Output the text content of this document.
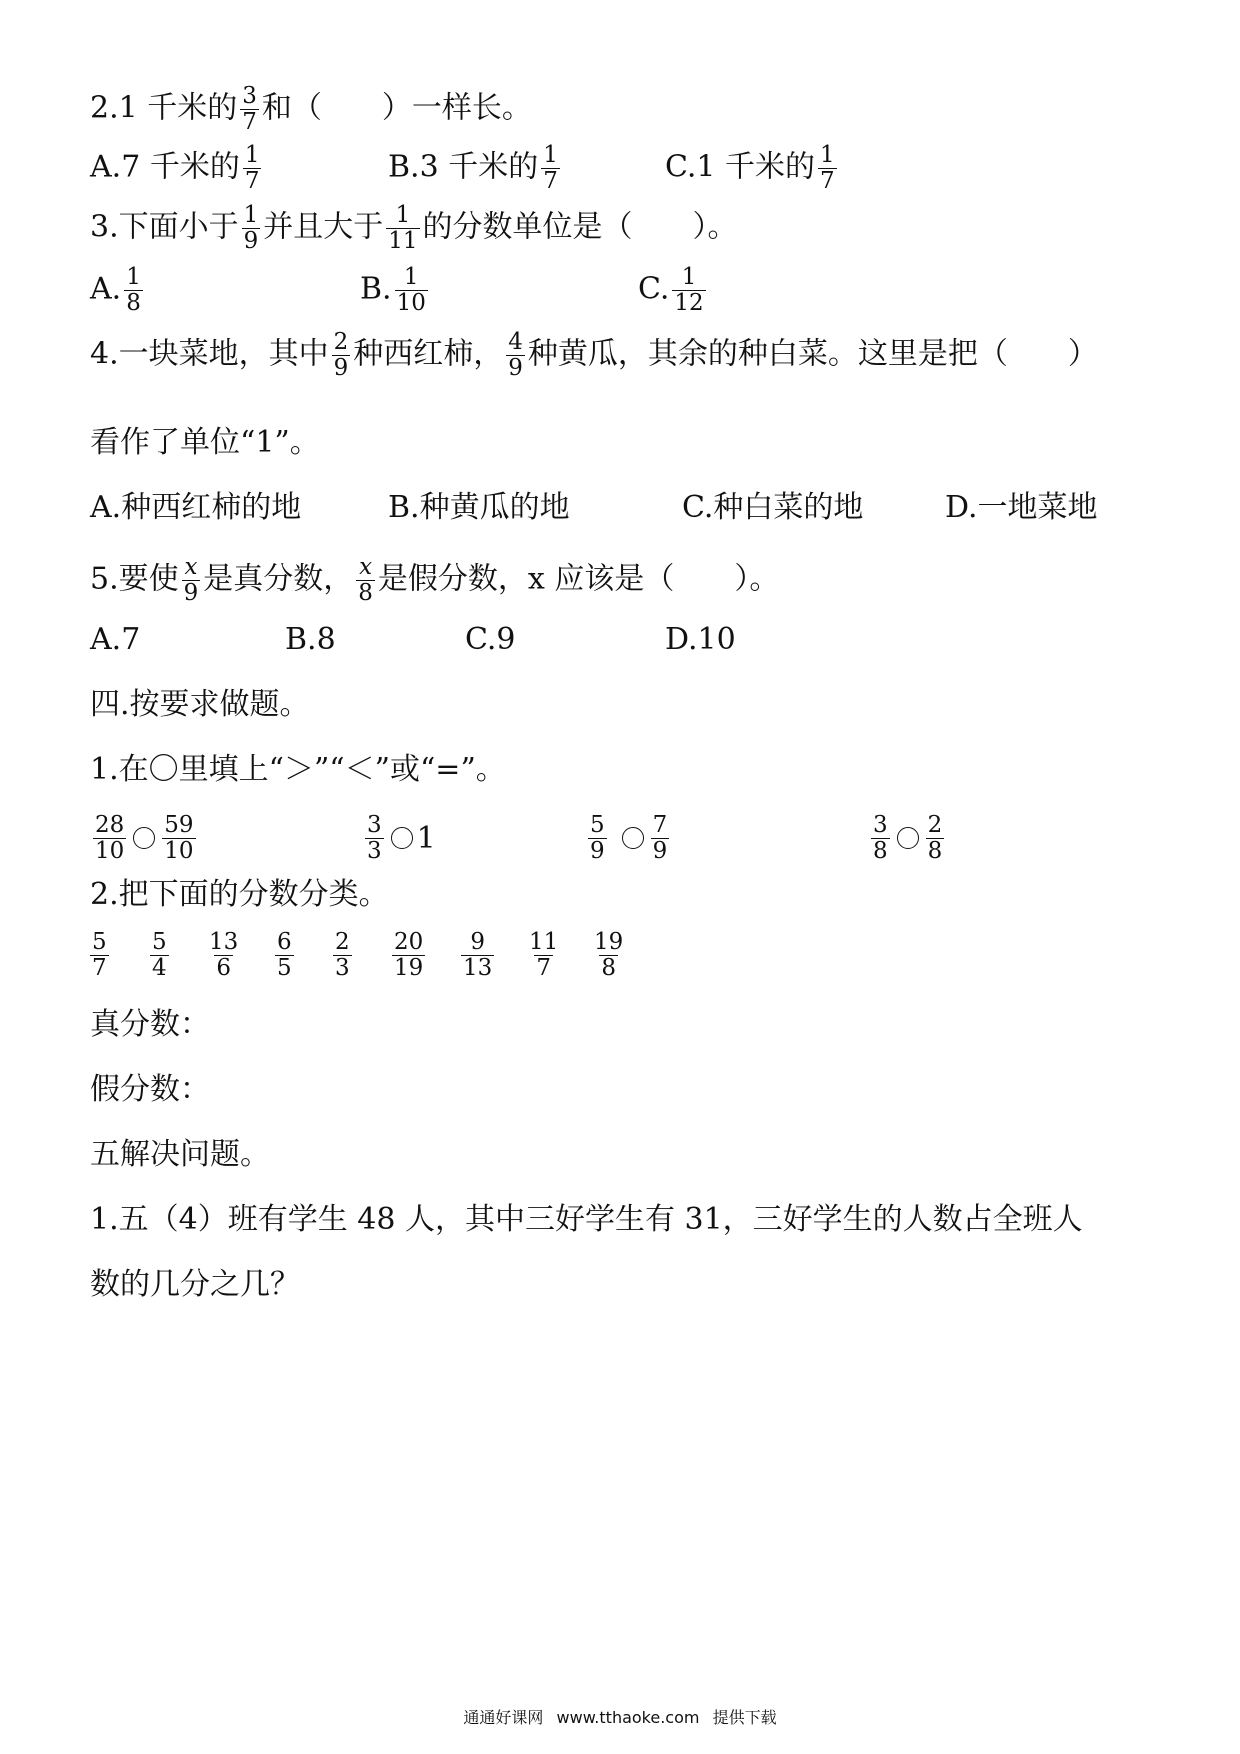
2.1 千米的 $\frac{3}{7}$ 和（　　）一样长。
A.7 千米的 $\frac{1}{7}$	B.3 千米的 $\frac{1}{7}$	C.1 千米的 $\frac{1}{7}$
3.下面小于 $\frac{1}{9}$ 并且大于 $\frac{1}{11}$ 的分数单位是（　　）。
A. $\frac{1}{8}$	B. $\frac{1}{10}$	C. $\frac{1}{12}$
4.一块菜地，其中 $\frac{2}{9}$ 种西红柿， $\frac{4}{9}$ 种黄瓜，其余的种白菜。这里是把（　　）
看作了单位“1”。
A.种西红柿的地	B.种黄瓜的地	C.种白菜的地	D.一地菜地
5.要使 $\frac{x}{9}$ 是真分数， $\frac{x}{8}$ 是假分数，x 应该是（　　）。
A.7	B.8	C.9	D.10
四.按要求做题。
1.在〇里填上“＞”“＜”或“=”。
$\frac{28}{10} \frac{59}{10}$	$\frac{3}{3} 1$	$\frac{5}{9} \frac{7}{9}$	$\frac{3}{8} \frac{2}{8}$
2.把下面的分数分类。
$\frac{5}{7} \frac{5}{4} \frac{13}{6} \frac{6}{5} \frac{2}{3} \frac{20}{19} \frac{9}{13} \frac{11}{7} \frac{19}{8}$
真分数：
假分数：
五解决问题。
1.五（4）班有学生 48 人，其中三好学生有 31，三好学生的人数占全班人
数的几分之几？
通通好课网 www.tthaoke.com 提供下载
